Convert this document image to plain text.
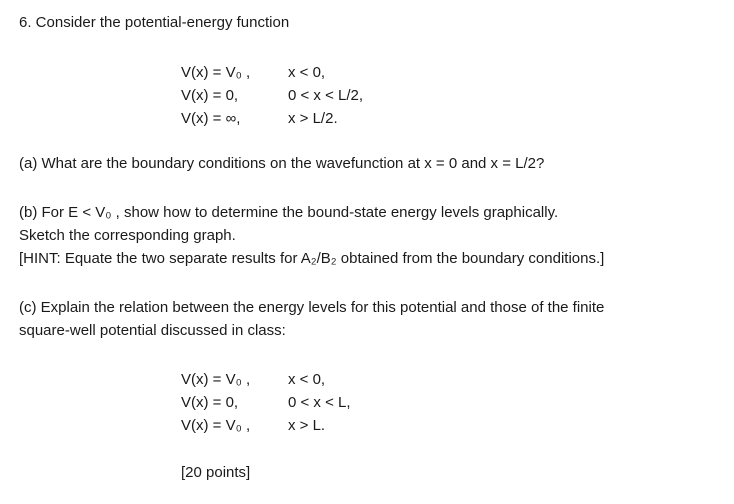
6. Consider the potential-energy function
V(x) = V₀ ,	x < 0,
V(x) = 0,	0 < x < L/2,
V(x) = ∞,	x > L/2.
(a) What are the boundary conditions on the wavefunction at x = 0 and x = L/2?
(b) For E < V₀ , show how to determine the bound-state energy levels graphically.
Sketch the corresponding graph.
[HINT: Equate the two separate results for A₂/B₂ obtained from the boundary conditions.]
(c) Explain the relation between the energy levels for this potential and those of the finite
square-well potential discussed in class:
V(x) = V₀ ,	x < 0,
V(x) = 0,	0 < x < L,
V(x) = V₀ ,	x > L.
[20 points]
